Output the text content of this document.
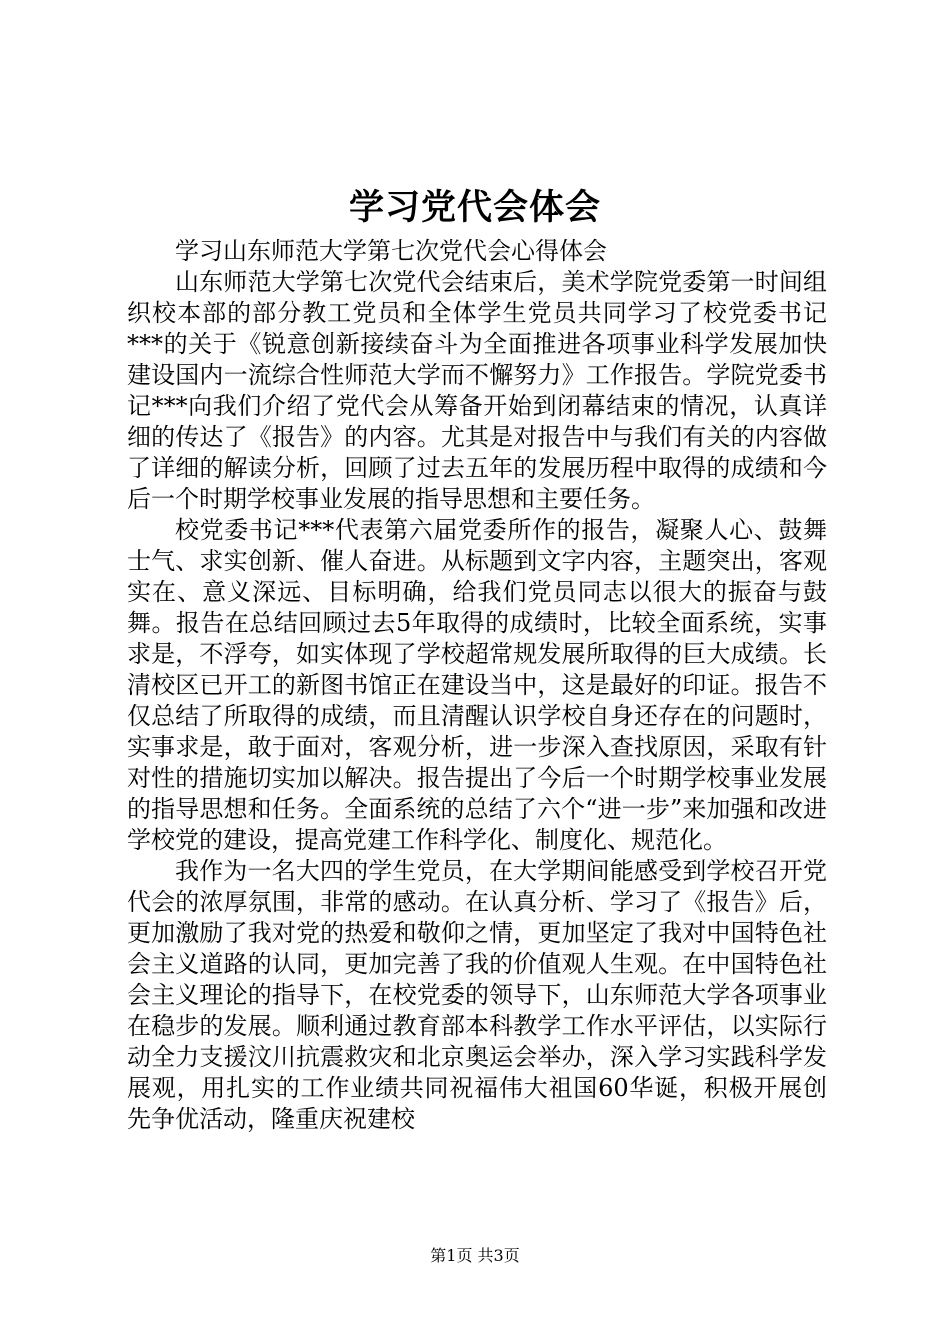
学习党代会体会

学习山东师范大学第七次党代会心得体会

山东师范大学第七次党代会结束后，美术学院党委第一时间组织校本部的部分教工党员和全体学生党员共同学习了校党委书记***的关于《锐意创新接续奋斗为全面推进各项事业科学发展加快建设国内一流综合性师范大学而不懈努力》工作报告。学院党委书记***向我们介绍了党代会从筹备开始到闭幕结束的情况，认真详细的传达了《报告》的内容。尤其是对报告中与我们有关的内容做了详细的解读分析，回顾了过去五年的发展历程中取得的成绩和今后一个时期学校事业发展的指导思想和主要任务。

校党委书记***代表第六届党委所作的报告，凝聚人心、鼓舞士气、求实创新、催人奋进。从标题到文字内容，主题突出，客观实在、意义深远、目标明确，给我们党员同志以很大的振奋与鼓舞。报告在总结回顾过去5年取得的成绩时，比较全面系统，实事求是，不浮夸，如实体现了学校超常规发展所取得的巨大成绩。长清校区已开工的新图书馆正在建设当中，这是最好的印证。报告不仅总结了所取得的成绩，而且清醒认识学校自身还存在的问题时，实事求是，敢于面对，客观分析，进一步深入查找原因，采取有针对性的措施切实加以解决。报告提出了今后一个时期学校事业发展的指导思想和任务。全面系统的总结了六个“进一步”来加强和改进学校党的建设，提高党建工作科学化、制度化、规范化。

我作为一名大四的学生党员，在大学期间能感受到学校召开党代会的浓厚氛围，非常的感动。在认真分析、学习了《报告》后，更加激励了我对党的热爱和敬仰之情，更加坚定了我对中国特色社会主义道路的认同，更加完善了我的价值观人生观。在中国特色社会主义理论的指导下，在校党委的领导下，山东师范大学各项事业在稳步的发展。顺利通过教育部本科教学工作水平评估，以实际行动全力支援汶川抗震救灾和北京奥运会举办，深入学习实践科学发展观，用扎实的工作业绩共同祝福伟大祖国60华诞，积极开展创先争优活动，隆重庆祝建校

第1页 共3页
